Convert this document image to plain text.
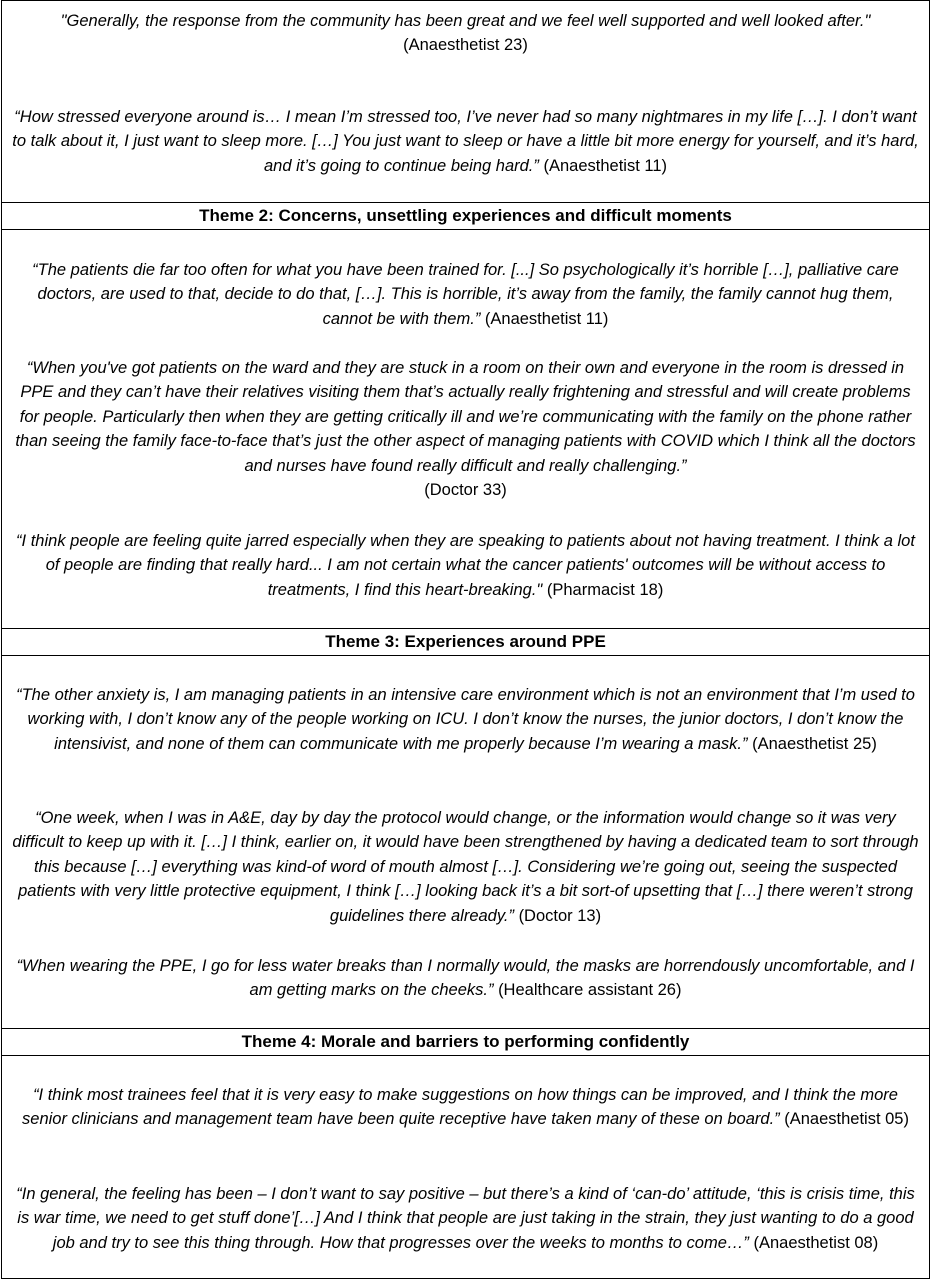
"Generally, the response from the community has been great and we feel well supported and well looked after."
(Anaesthetist 23)

“How stressed everyone around is… I mean I’m stressed too, I’ve never had so many nightmares in my life […]. I don’t want to talk about it, I just want to sleep more. […] You just want to sleep or have a little bit more energy for yourself, and it’s hard, and it’s going to continue being hard.” (Anaesthetist 11)

Theme 2: Concerns, unsettling experiences and difficult moments

“The patients die far too often for what you have been trained for. [...] So psychologically it’s horrible […], palliative care doctors, are used to that, decide to do that, […]. This is horrible, it’s away from the family, the family cannot hug them, cannot be with them.” (Anaesthetist 11)

“When you've got patients on the ward and they are stuck in a room on their own and everyone in the room is dressed in PPE and they can’t have their relatives visiting them that’s actually really frightening and stressful and will create problems for people. Particularly then when they are getting critically ill and we’re communicating with the family on the phone rather than seeing the family face-to-face that’s just the other aspect of managing patients with COVID which I think all the doctors and nurses have found really difficult and really challenging.”
(Doctor 33)

“I think people are feeling quite jarred especially when they are speaking to patients about not having treatment. I think a lot of people are finding that really hard... I am not certain what the cancer patients' outcomes will be without access to treatments, I find this heart-breaking." (Pharmacist 18)

Theme 3: Experiences around PPE

“The other anxiety is, I am managing patients in an intensive care environment which is not an environment that I’m used to working with, I don’t know any of the people working on ICU. I don’t know the nurses, the junior doctors, I don’t know the intensivist, and none of them can communicate with me properly because I’m wearing a mask.” (Anaesthetist 25)

“One week, when I was in A&E, day by day the protocol would change, or the information would change so it was very difficult to keep up with it. […] I think, earlier on, it would have been strengthened by having a dedicated team to sort through this because […] everything was kind-of word of mouth almost […]. Considering we’re going out, seeing the suspected patients with very little protective equipment, I think […] looking back it’s a bit sort-of upsetting that […] there weren’t strong guidelines there already.” (Doctor 13)

“When wearing the PPE, I go for less water breaks than I normally would, the masks are horrendously uncomfortable, and I am getting marks on the cheeks.” (Healthcare assistant 26)

Theme 4: Morale and barriers to performing confidently

“I think most trainees feel that it is very easy to make suggestions on how things can be improved, and I think the more senior clinicians and management team have been quite receptive have taken many of these on board.” (Anaesthetist 05)

“In general, the feeling has been – I don’t want to say positive – but there’s a kind of ‘can-do’ attitude, ‘this is crisis time, this is war time, we need to get stuff done’[…] And I think that people are just taking in the strain, they just wanting to do a good job and try to see this thing through. How that progresses over the weeks to months to come…” (Anaesthetist 08)
